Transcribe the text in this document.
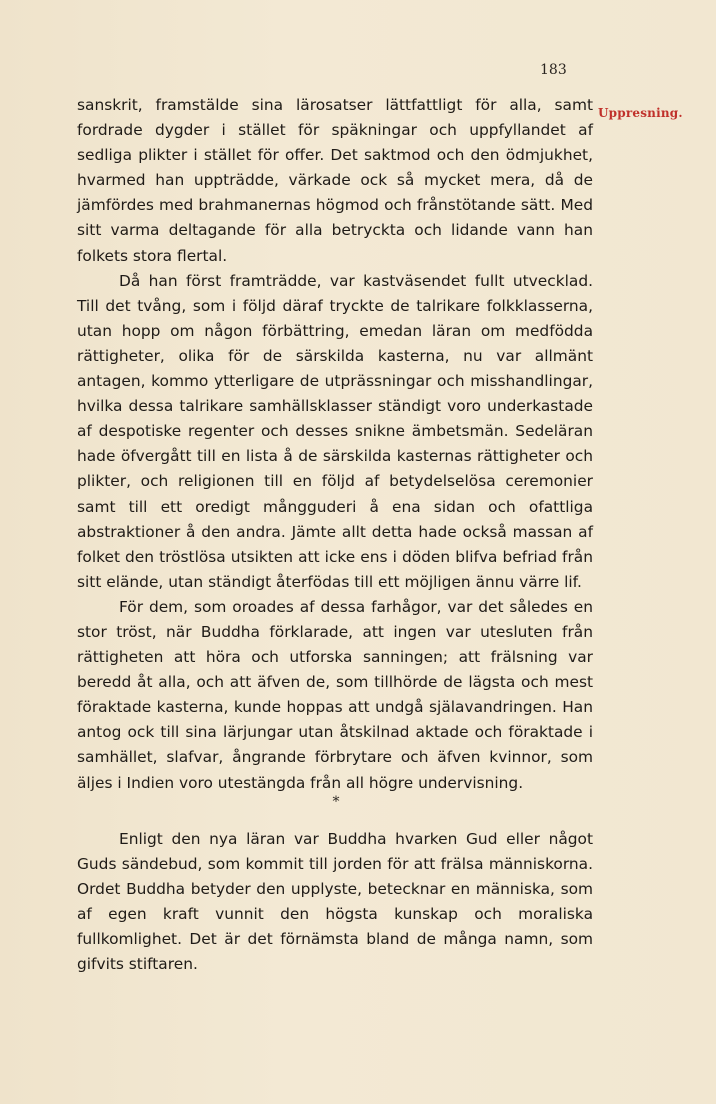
183
Uppresning.

sanskrit, framstälde sina lärosatser lättfattligt för alla, samt fordrade dygder i stället för späkningar och uppfyllandet af sedliga plikter i stället för offer. Det saktmod och den ödmjukhet, hvarmed han uppträdde, värkade ock så mycket mera, då de jämfördes med brahmanernas högmod och frånstötande sätt. Med sitt varma deltagande för alla betryckta och lidande vann han folkets stora flertal.

Då han först framträdde, var kastväsendet fullt utvecklad. Till det tvång, som i följd däraf tryckte de talrikare folkklasserna, utan hopp om någon förbättring, emedan läran om medfödda rättigheter, olika för de särskilda kasterna, nu var allmänt antagen, kommo ytterligare de utprässningar och misshandlingar, hvilka dessa talrikare samhällsklasser ständigt voro underkastade af despotiske regenter och desses snikne ämbetsmän. Sedeläran hade öfvergått till en lista å de särskilda kasternas rättigheter och plikter, och religionen till en följd af betydelselösa ceremonier samt till ett oredigt mångguderi å ena sidan och ofattliga abstraktioner å den andra. Jämte allt detta hade också massan af folket den tröstlösa utsikten att icke ens i döden blifva befriad från sitt elände, utan ständigt återfödas till ett möjligen ännu värre lif.

För dem, som oroades af dessa farhågor, var det således en stor tröst, när Buddha förklarade, att ingen var utesluten från rättigheten att höra och utforska sanningen; att frälsning var beredd åt alla, och att äfven de, som tillhörde de lägsta och mest föraktade kasterna, kunde hoppas att undgå själavandringen. Han antog ock till sina lärjungar utan åtskilnad aktade och föraktade i samhället, slafvar, ångrande förbrytare och äfven kvinnor, som äljes i Indien voro utestängda från all högre undervisning.

*

Enligt den nya läran var Buddha hvarken Gud eller något Guds sändebud, som kommit till jorden för att frälsa människorna. Ordet Buddha betyder den upplyste, betecknar en människa, som af egen kraft vunnit den högsta kunskap och moraliska fullkomlighet. Det är det förnämsta bland de många namn, som gifvits stiftaren.
